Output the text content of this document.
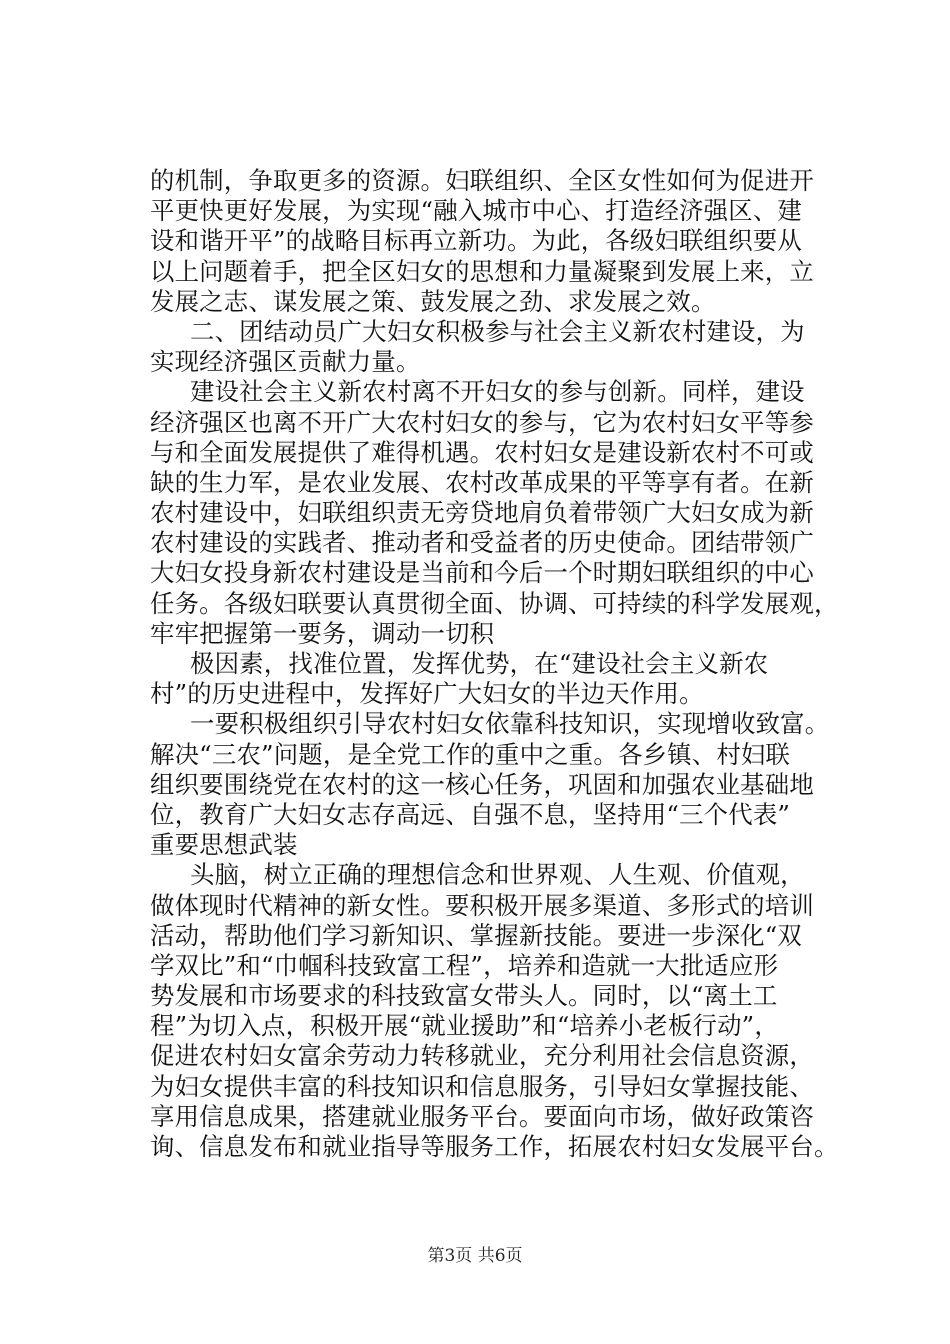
的机制，争取更多的资源。妇联组织、全区女性如何为促进开
平更快更好发展，为实现“融入城市中心、打造经济强区、建
设和谐开平”的战略目标再立新功。为此，各级妇联组织要从
以上问题着手，把全区妇女的思想和力量凝聚到发展上来，立
发展之志、谋发展之策、鼓发展之劲、求发展之效。
二、团结动员广大妇女积极参与社会主义新农村建设，为
实现经济强区贡献力量。
建设社会主义新农村离不开妇女的参与创新。同样，建设
经济强区也离不开广大农村妇女的参与，它为农村妇女平等参
与和全面发展提供了难得机遇。农村妇女是建设新农村不可或
缺的生力军，是农业发展、农村改革成果的平等享有者。在新
农村建设中，妇联组织责无旁贷地肩负着带领广大妇女成为新
农村建设的实践者、推动者和受益者的历史使命。团结带领广
大妇女投身新农村建设是当前和今后一个时期妇联组织的中心
任务。各级妇联要认真贯彻全面、协调、可持续的科学发展观，
牢牢把握第一要务，调动一切积
极因素，找准位置，发挥优势，在“建设社会主义新农
村”的历史进程中，发挥好广大妇女的半边天作用。
一要积极组织引导农村妇女依靠科技知识，实现增收致富。
解决“三农”问题，是全党工作的重中之重。各乡镇、村妇联
组织要围绕党在农村的这一核心任务，巩固和加强农业基础地
位，教育广大妇女志存高远、自强不息，坚持用“三个代表”
重要思想武装
头脑，树立正确的理想信念和世界观、人生观、价值观，
做体现时代精神的新女性。要积极开展多渠道、多形式的培训
活动，帮助他们学习新知识、掌握新技能。要进一步深化“双
学双比”和“巾帼科技致富工程”，培养和造就一大批适应形
势发展和市场要求的科技致富女带头人。同时，以“离土工
程”为切入点，积极开展“就业援助”和“培养小老板行动”，
促进农村妇女富余劳动力转移就业，充分利用社会信息资源，
为妇女提供丰富的科技知识和信息服务，引导妇女掌握技能、
享用信息成果，搭建就业服务平台。要面向市场，做好政策咨
询、信息发布和就业指导等服务工作，拓展农村妇女发展平台。
第3页 共6页
